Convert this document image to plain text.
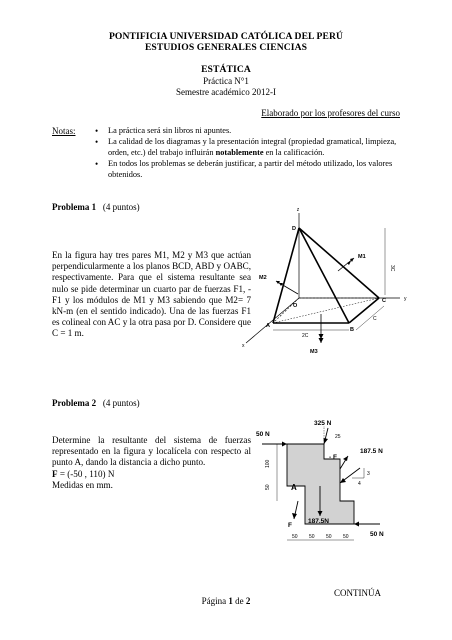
PONTIFICIA UNIVERSIDAD CATÓLICA DEL PERÚ
ESTUDIOS GENERALES CIENCIAS
ESTÁTICA
Práctica N°1
Semestre académico 2012-I
Elaborado por los profesores del curso
Notas:
•	La práctica será sin libros ni apuntes.
• La calidad de los diagramas y la presentación integral (propiedad gramatical, limpieza, orden, etc.) del trabajo influirán notablemente en la calificación.
• En todos los problemas se deberán justificar, a partir del método utilizado, los valores obtenidos.
Problema 1 (4 puntos)
En la figura hay tres pares M1, M2 y M3 que actúan perpendicularmente a los planos BCD, ABD y OABC, respectivamente. Para que el sistema resultante sea nulo se pide determinar un cuarto par de fuerzas F1, -F1 y los módulos de M1 y M3 sabiendo que M2= 7 kN-m (en el sentido indicado). Una de las fuerzas F1 es colineal con AC y la otra pasa por D. Considere que C = 1 m.
z
y
x
D
O
A
B
C
2C
C
3C
M1
M2
M3
Problema 2 (4 puntos)
Determine la resultante del sistema de fuerzas representado en la figura y localícela con respecto al punto A, dando la distancia a dicho punto.
F = (-50 , 110) N
Medidas en mm.
50 N
325 N
25
187.5 N
3
4
- F
F
A
187.5N
50 N
100
50
50 50 50 50
Página 1 de 2
CONTINÚA
